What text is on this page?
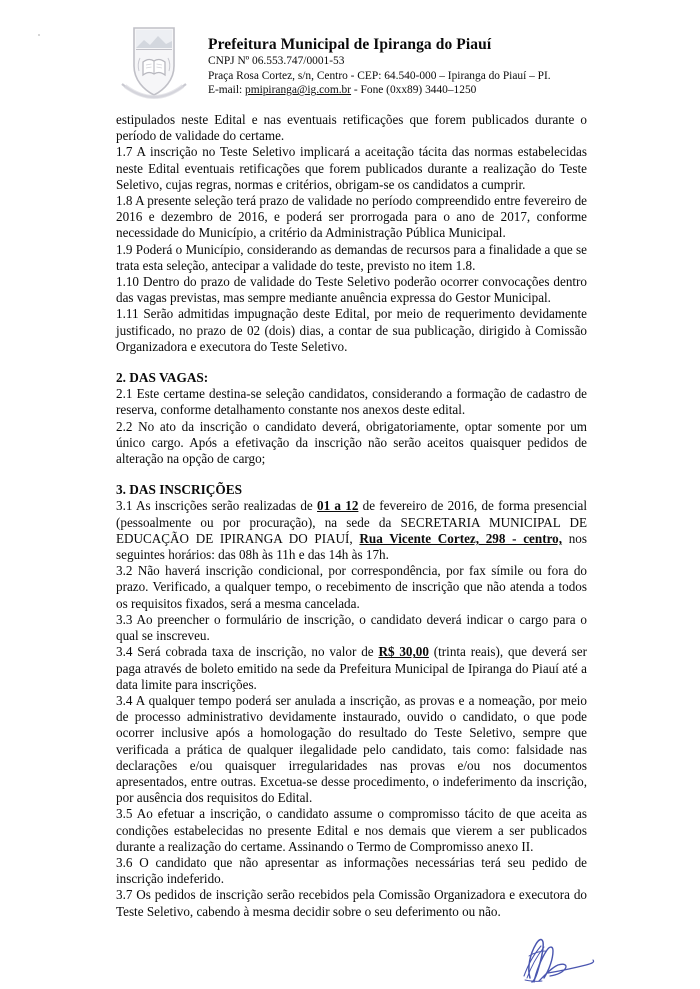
Prefeitura Municipal de Ipiranga do Piauí
CNPJ Nº 06.553.747/0001-53
Praça Rosa Cortez, s/n, Centro - CEP: 64.540-000 – Ipiranga do Piauí – PI.
E-mail: pmipiranga@ig.com.br - Fone (0xx89) 3440–1250

estipulados neste Edital e nas eventuais retificações que forem publicados durante o período de validade do certame.

1.7 A inscrição no Teste Seletivo implicará a aceitação tácita das normas estabelecidas neste Edital eventuais retificações que forem publicados durante a realização do Teste Seletivo, cujas regras, normas e critérios, obrigam-se os candidatos a cumprir.

1.8 A presente seleção terá prazo de validade no período compreendido entre fevereiro de 2016 e dezembro de 2016, e poderá ser prorrogada para o ano de 2017, conforme necessidade do Município, a critério da Administração Pública Municipal.

1.9 Poderá o Município, considerando as demandas de recursos para a finalidade a que se trata esta seleção, antecipar a validade do teste, previsto no item 1.8.

1.10 Dentro do prazo de validade do Teste Seletivo poderão ocorrer convocações dentro das vagas previstas, mas sempre mediante anuência expressa do Gestor Municipal.

1.11 Serão admitidas impugnação deste Edital, por meio de requerimento devidamente justificado, no prazo de 02 (dois) dias, a contar de sua publicação, dirigido à Comissão Organizadora e executora do Teste Seletivo.

2. DAS VAGAS:

2.1 Este certame destina-se seleção candidatos, considerando a formação de cadastro de reserva, conforme detalhamento constante nos anexos deste edital.

2.2 No ato da inscrição o candidato deverá, obrigatoriamente, optar somente por um único cargo. Após a efetivação da inscrição não serão aceitos quaisquer pedidos de alteração na opção de cargo;

3. DAS INSCRIÇÕES

3.1 As inscrições serão realizadas de 01 a 12 de fevereiro de 2016, de forma presencial (pessoalmente ou por procuração), na sede da SECRETARIA MUNICIPAL DE EDUCAÇÃO DE IPIRANGA DO PIAUÍ, Rua Vicente Cortez, 298 - centro, nos seguintes horários: das 08h às 11h e das 14h às 17h.

3.2 Não haverá inscrição condicional, por correspondência, por fax símile ou fora do prazo. Verificado, a qualquer tempo, o recebimento de inscrição que não atenda a todos os requisitos fixados, será a mesma cancelada.

3.3 Ao preencher o formulário de inscrição, o candidato deverá indicar o cargo para o qual se inscreveu.

3.4 Será cobrada taxa de inscrição, no valor de R$ 30,00 (trinta reais), que deverá ser paga através de boleto emitido na sede da Prefeitura Municipal de Ipiranga do Piauí até a data limite para inscrições.

3.4 A qualquer tempo poderá ser anulada a inscrição, as provas e a nomeação, por meio de processo administrativo devidamente instaurado, ouvido o candidato, o que pode ocorrer inclusive após a homologação do resultado do Teste Seletivo, sempre que verificada a prática de qualquer ilegalidade pelo candidato, tais como: falsidade nas declarações e/ou quaisquer irregularidades nas provas e/ou nos documentos apresentados, entre outras. Excetua-se desse procedimento, o indeferimento da inscrição, por ausência dos requisitos do Edital.

3.5 Ao efetuar a inscrição, o candidato assume o compromisso tácito de que aceita as condições estabelecidas no presente Edital e nos demais que vierem a ser publicados durante a realização do certame. Assinando o Termo de Compromisso anexo II.

3.6 O candidato que não apresentar as informações necessárias terá seu pedido de inscrição indeferido.

3.7 Os pedidos de inscrição serão recebidos pela Comissão Organizadora e executora do Teste Seletivo, cabendo à mesma decidir sobre o seu deferimento ou não.
